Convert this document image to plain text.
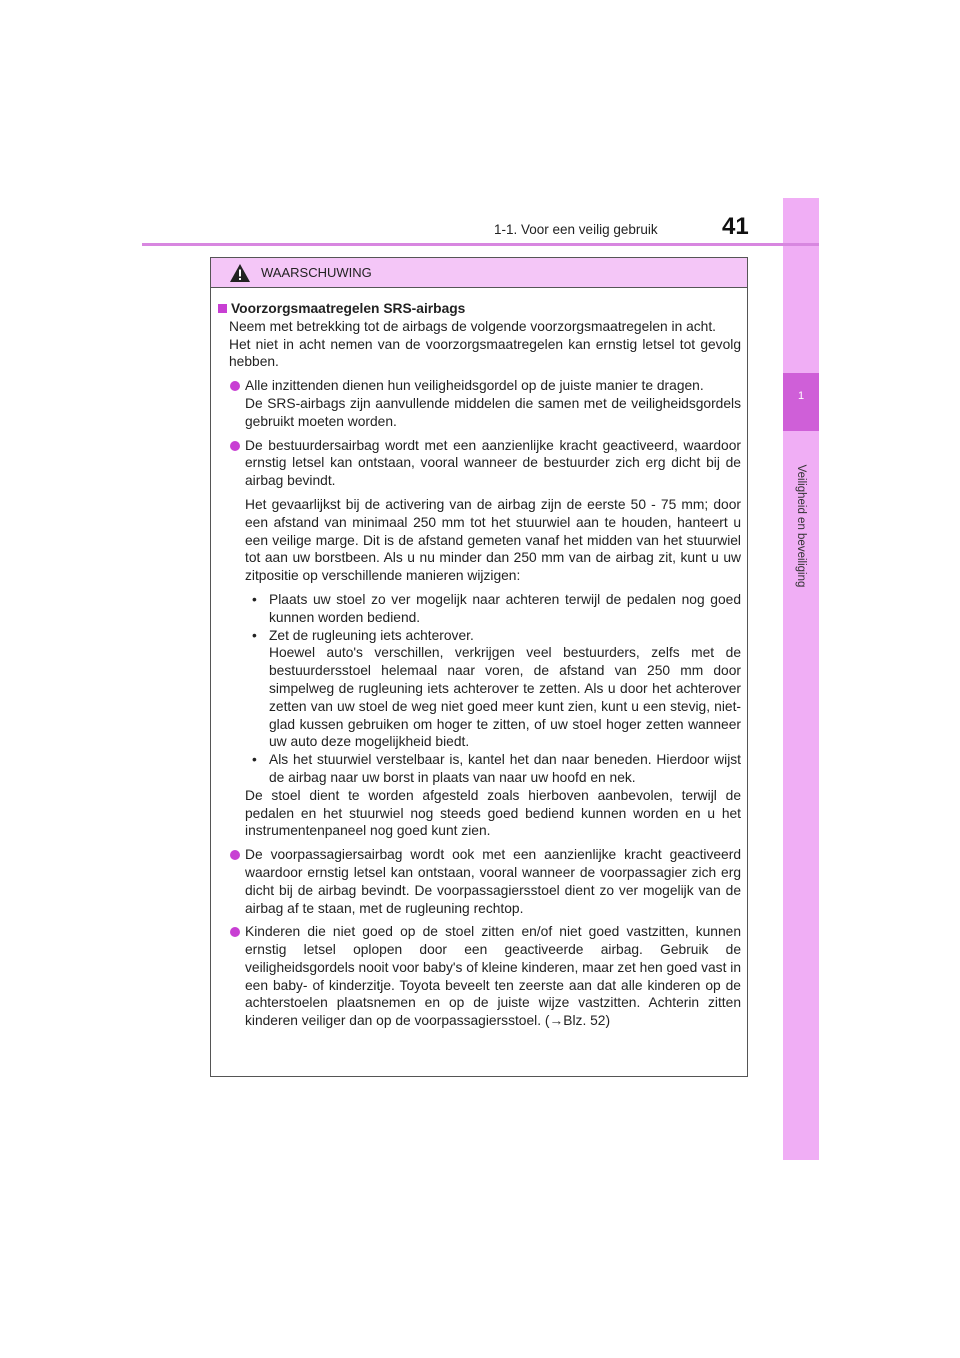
1
Veiligheid en beveiliging
1-1. Voor een veilig gebruik	41
WAARSCHUWING
Voorzorgsmaatregelen SRS-airbags
Neem met betrekking tot de airbags de volgende voorzorgsmaatregelen in acht.
Het niet in acht nemen van de voorzorgsmaatregelen kan ernstig letsel tot gevolg hebben.
Alle inzittenden dienen hun veiligheidsgordel op de juiste manier te dragen.
De SRS-airbags zijn aanvullende middelen die samen met de veiligheidsgordels gebruikt moeten worden.
De bestuurdersairbag wordt met een aanzienlijke kracht geactiveerd, waardoor ernstig letsel kan ontstaan, vooral wanneer de bestuurder zich erg dicht bij de airbag bevindt.
Het gevaarlijkst bij de activering van de airbag zijn de eerste 50 - 75 mm; door een afstand van minimaal 250 mm tot het stuurwiel aan te houden, hanteert u een veilige marge. Dit is de afstand gemeten vanaf het midden van het stuurwiel tot aan uw borstbeen. Als u nu minder dan 250 mm van de airbag zit, kunt u uw zitpositie op verschillende manieren wijzigen:
• Plaats uw stoel zo ver mogelijk naar achteren terwijl de pedalen nog goed kunnen worden bediend.
• Zet de rugleuning iets achterover.
Hoewel auto's verschillen, verkrijgen veel bestuurders, zelfs met de bestuurdersstoel helemaal naar voren, de afstand van 250 mm door simpelweg de rugleuning iets achterover te zetten. Als u door het achterover zetten van uw stoel de weg niet goed meer kunt zien, kunt u een stevig, niet-glad kussen gebruiken om hoger te zitten, of uw stoel hoger zetten wanneer uw auto deze mogelijkheid biedt.
• Als het stuurwiel verstelbaar is, kantel het dan naar beneden. Hierdoor wijst de airbag naar uw borst in plaats van naar uw hoofd en nek.
De stoel dient te worden afgesteld zoals hierboven aanbevolen, terwijl de pedalen en het stuurwiel nog steeds goed bediend kunnen worden en u het instrumentenpaneel nog goed kunt zien.
De voorpassagiersairbag wordt ook met een aanzienlijke kracht geactiveerd waardoor ernstig letsel kan ontstaan, vooral wanneer de voorpassagier zich erg dicht bij de airbag bevindt. De voorpassagiersstoel dient zo ver mogelijk van de airbag af te staan, met de rugleuning rechtop.
Kinderen die niet goed op de stoel zitten en/of niet goed vastzitten, kunnen ernstig letsel oplopen door een geactiveerde airbag. Gebruik de veiligheidsgordels nooit voor baby's of kleine kinderen, maar zet hen goed vast in een baby- of kinderzitje. Toyota beveelt ten zeerste aan dat alle kinderen op de achterstoelen plaatsnemen en op de juiste wijze vastzitten. Achterin zitten kinderen veiliger dan op de voorpassagiersstoel. (→Blz. 52)
